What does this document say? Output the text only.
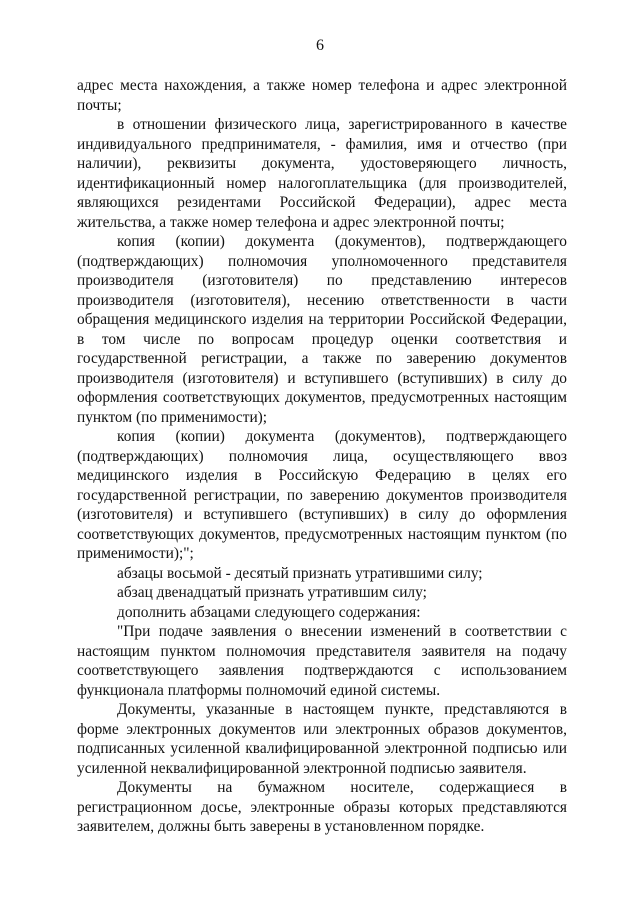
6

адрес места нахождения, а также номер телефона и адрес электронной почты;

в отношении физического лица, зарегистрированного в качестве индивидуального предпринимателя, - фамилия, имя и отчество (при наличии), реквизиты документа, удостоверяющего личность, идентификационный номер налогоплательщика (для производителей, являющихся резидентами Российской Федерации), адрес места жительства, а также номер телефона и адрес электронной почты;

копия (копии) документа (документов), подтверждающего (подтверждающих) полномочия уполномоченного представителя производителя (изготовителя) по представлению интересов производителя (изготовителя), несению ответственности в части обращения медицинского изделия на территории Российской Федерации, в том числе по вопросам процедур оценки соответствия и государственной регистрации, а также по заверению документов производителя (изготовителя) и вступившего (вступивших) в силу до оформления соответствующих документов, предусмотренных настоящим пунктом (по применимости);

копия (копии) документа (документов), подтверждающего (подтверждающих) полномочия лица, осуществляющего ввоз медицинского изделия в Российскую Федерацию в целях его государственной регистрации, по заверению документов производителя (изготовителя) и вступившего (вступивших) в силу до оформления соответствующих документов, предусмотренных настоящим пунктом (по применимости);";

абзацы восьмой - десятый признать утратившими силу;

абзац двенадцатый признать утратившим силу;

дополнить абзацами следующего содержания:

"При подаче заявления о внесении изменений в соответствии с настоящим пунктом полномочия представителя заявителя на подачу соответствующего заявления подтверждаются с использованием функционала платформы полномочий единой системы.

Документы, указанные в настоящем пункте, представляются в форме электронных документов или электронных образов документов, подписанных усиленной квалифицированной электронной подписью или усиленной неквалифицированной электронной подписью заявителя.

Документы на бумажном носителе, содержащиеся в регистрационном досье, электронные образы которых представляются заявителем, должны быть заверены в установленном порядке.
